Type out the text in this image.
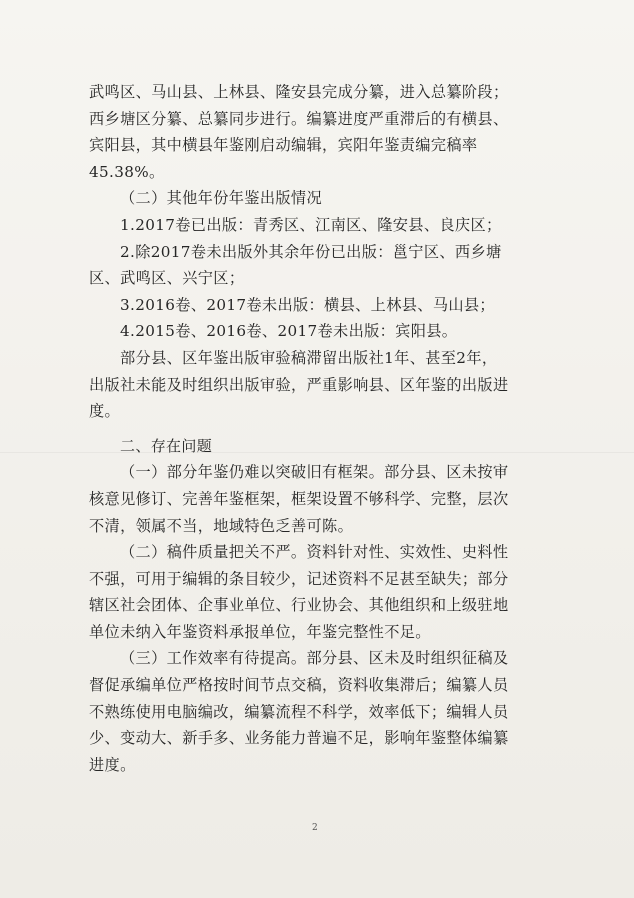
武鸣区、马山县、上林县、隆安县完成分纂，进入总纂阶段；
西乡塘区分纂、总纂同步进行。编纂进度严重滞后的有横县、
宾阳县，其中横县年鉴刚启动编辑，宾阳年鉴责编完稿率
45.38%。
（二）其他年份年鉴出版情况
1.2017卷已出版：青秀区、江南区、隆安县、良庆区；
2.除2017卷未出版外其余年份已出版：邕宁区、西乡塘
区、武鸣区、兴宁区；
3.2016卷、2017卷未出版：横县、上林县、马山县；
4.2015卷、2016卷、2017卷未出版：宾阳县。
部分县、区年鉴出版审验稿滞留出版社1年、甚至2年，
出版社未能及时组织出版审验，严重影响县、区年鉴的出版进
度。
二、存在问题
（一）部分年鉴仍难以突破旧有框架。部分县、区未按审
核意见修订、完善年鉴框架，框架设置不够科学、完整，层次
不清，领属不当，地域特色乏善可陈。
（二）稿件质量把关不严。资料针对性、实效性、史料性
不强，可用于编辑的条目较少，记述资料不足甚至缺失；部分
辖区社会团体、企事业单位、行业协会、其他组织和上级驻地
单位未纳入年鉴资料承报单位，年鉴完整性不足。
（三）工作效率有待提高。部分县、区未及时组织征稿及
督促承编单位严格按时间节点交稿，资料收集滞后；编纂人员
不熟练使用电脑编改，编纂流程不科学，效率低下；编辑人员
少、变动大、新手多、业务能力普遍不足，影响年鉴整体编纂
进度。
2
